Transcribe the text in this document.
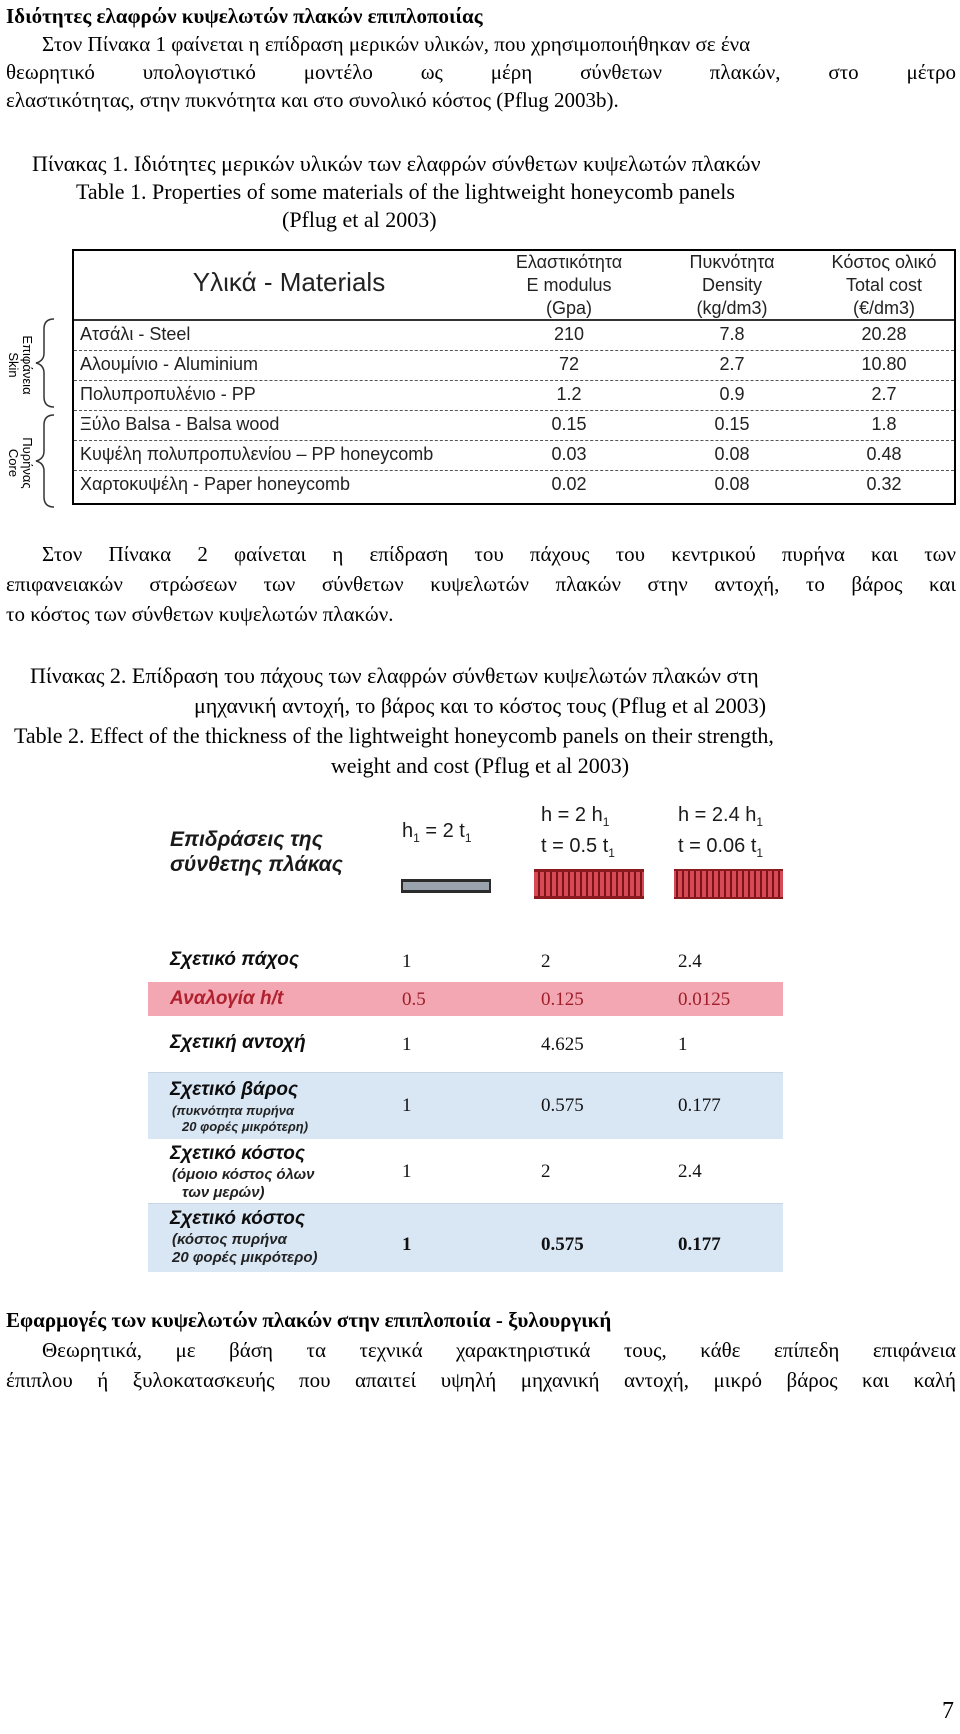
Ιδιότητες ελαφρών κυψελωτών πλακών επιπλοποιίας
Στον Πίνακα 1 φαίνεται η επίδραση μερικών υλικών, που χρησιμοποιήθηκαν σε ένα
θεωρητικό υπολογιστικό μοντέλο ως μέρη σύνθετων πλακών, στο μέτρο
ελαστικότητας, στην πυκνότητα και στο συνολικό κόστος (Pflug 2003b).
Πίνακας 1. Ιδιότητες μερικών υλικών των ελαφρών σύνθετων κυψελωτών πλακών
Table 1. Properties of some materials of the lightweight honeycomb panels
(Pflug et al 2003)
Επιφάνεια
Skin
Πυρήνας
Core
Υλικά - Materials
Ελαστικότητα
E modulus
(Gpa)
Πυκνότητα
Density
(kg/dm3)
Κόστος ολικό
Total cost
(€/dm3)
Ατσάλι - Steel	210	7.8	20.28
Αλουμίνιο - Aluminium	72	2.7	10.80
Πολυπροπυλένιο - PP	1.2	0.9	2.7
Ξύλο Balsa - Balsa wood	0.15	0.15	1.8
Κυψέλη πολυπροπυλενίου – PP honeycomb	0.03	0.08	0.48
Χαρτοκυψέλη - Paper honeycomb	0.02	0.08	0.32
Στον Πίνακα 2 φαίνεται η επίδραση του πάχους του κεντρικού πυρήνα και των
επιφανειακών στρώσεων των σύνθετων κυψελωτών πλακών στην αντοχή, το βάρος και
το κόστος των σύνθετων κυψελωτών πλακών.
Πίνακας 2. Επίδραση του πάχους των ελαφρών σύνθετων κυψελωτών πλακών στη
μηχανική αντοχή, το βάρος και το κόστος τους (Pflug et al 2003)
Table 2. Effect of the thickness of the lightweight honeycomb panels on their strength,
weight and cost (Pflug et al 2003)
Επιδράσεις της σύνθετης πλάκας
$h_1 = 2$ $t_1$
h = 2 $h_1$
t = 0.5 $t_1$
h = 2.4 $h_1$
t = 0.06 $t_1$
Σχετικό πάχος	1	2	2.4
Αναλογία h/t	0.5	0.125	0.0125
Σχετική αντοχή	1	4.625	1
Σχετικό βάρος
(πυκνότητα πυρήνα
20 φορές μικρότερη)
1	0.575	0.177
Σχετικό κόστος
(όμοιο κόστος όλων
των μερών)
1	2	2.4
Σχετικό κόστος
(κόστος πυρήνα
20 φορές μικρότερο)
1	0.575	0.177
Εφαρμογές των κυψελωτών πλακών στην επιπλοποιία - ξυλουργική
Θεωρητικά, με βάση τα τεχνικά χαρακτηριστικά τους, κάθε επίπεδη επιφάνεια
έπιπλου ή ξυλοκατασκευής που απαιτεί υψηλή μηχανική αντοχή, μικρό βάρος και καλή
7
